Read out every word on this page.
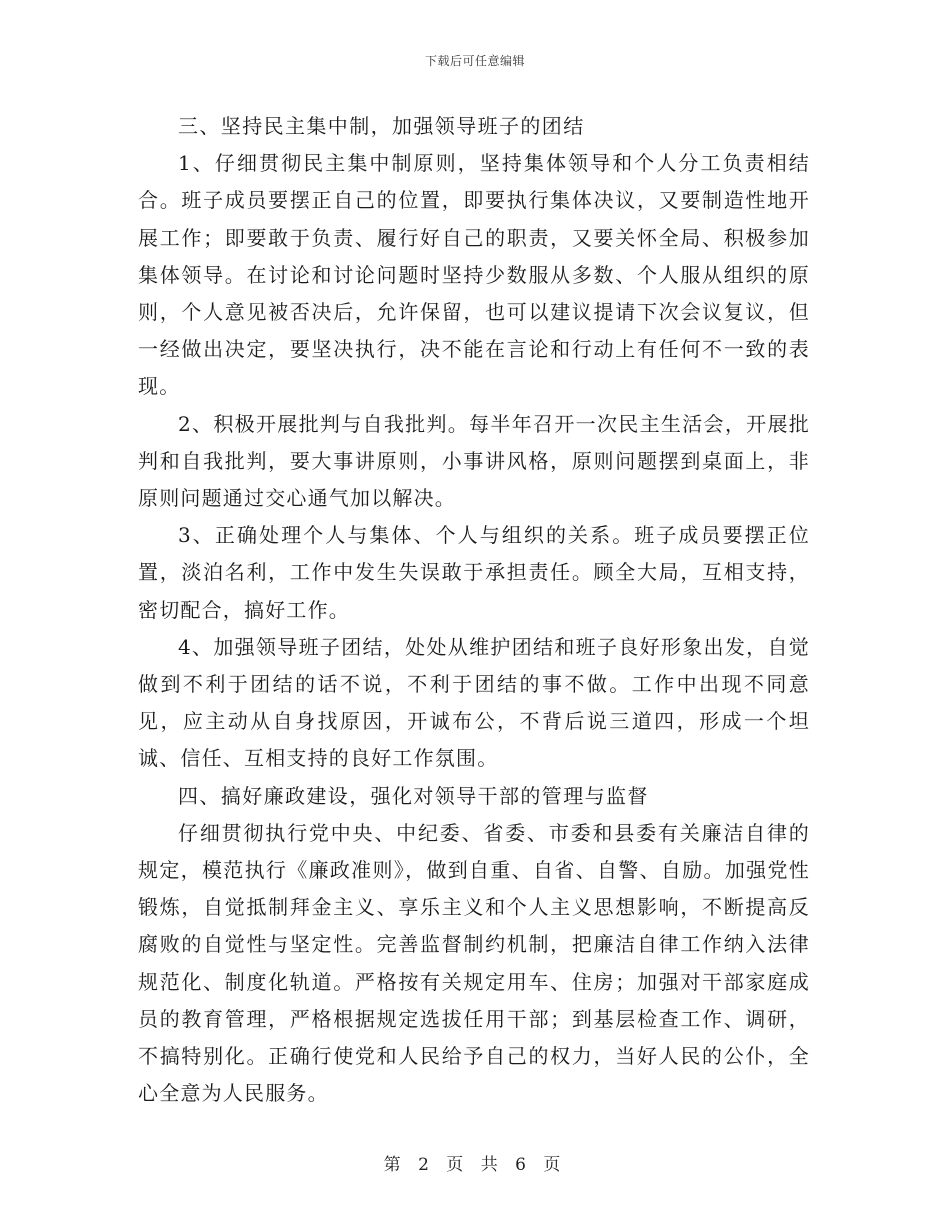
下载后可任意编辑

三、坚持民主集中制，加强领导班子的团结

1、仔细贯彻民主集中制原则，坚持集体领导和个人分工负责相结合。班子成员要摆正自己的位置，即要执行集体决议，又要制造性地开展工作；即要敢于负责、履行好自己的职责，又要关怀全局、积极参加集体领导。在讨论和讨论问题时坚持少数服从多数、个人服从组织的原则，个人意见被否决后，允许保留，也可以建议提请下次会议复议，但一经做出决定，要坚决执行，决不能在言论和行动上有任何不一致的表现。

2、积极开展批判与自我批判。每半年召开一次民主生活会，开展批判和自我批判，要大事讲原则，小事讲风格，原则问题摆到桌面上，非原则问题通过交心通气加以解决。

3、正确处理个人与集体、个人与组织的关系。班子成员要摆正位置，淡泊名利，工作中发生失误敢于承担责任。顾全大局，互相支持，密切配合，搞好工作。

4、加强领导班子团结，处处从维护团结和班子良好形象出发，自觉做到不利于团结的话不说，不利于团结的事不做。工作中出现不同意见，应主动从自身找原因，开诚布公，不背后说三道四，形成一个坦诚、信任、互相支持的良好工作氛围。

四、搞好廉政建设，强化对领导干部的管理与监督

仔细贯彻执行党中央、中纪委、省委、市委和县委有关廉洁自律的规定，模范执行《廉政准则》，做到自重、自省、自警、自励。加强党性锻炼，自觉抵制拜金主义、享乐主义和个人主义思想影响，不断提高反腐败的自觉性与坚定性。完善监督制约机制，把廉洁自律工作纳入法律规范化、制度化轨道。严格按有关规定用车、住房；加强对干部家庭成员的教育管理，严格根据规定选拔任用干部；到基层检查工作、调研，不搞特别化。正确行使党和人民给予自己的权力，当好人民的公仆，全心全意为人民服务。

第 2 页 共 6 页
